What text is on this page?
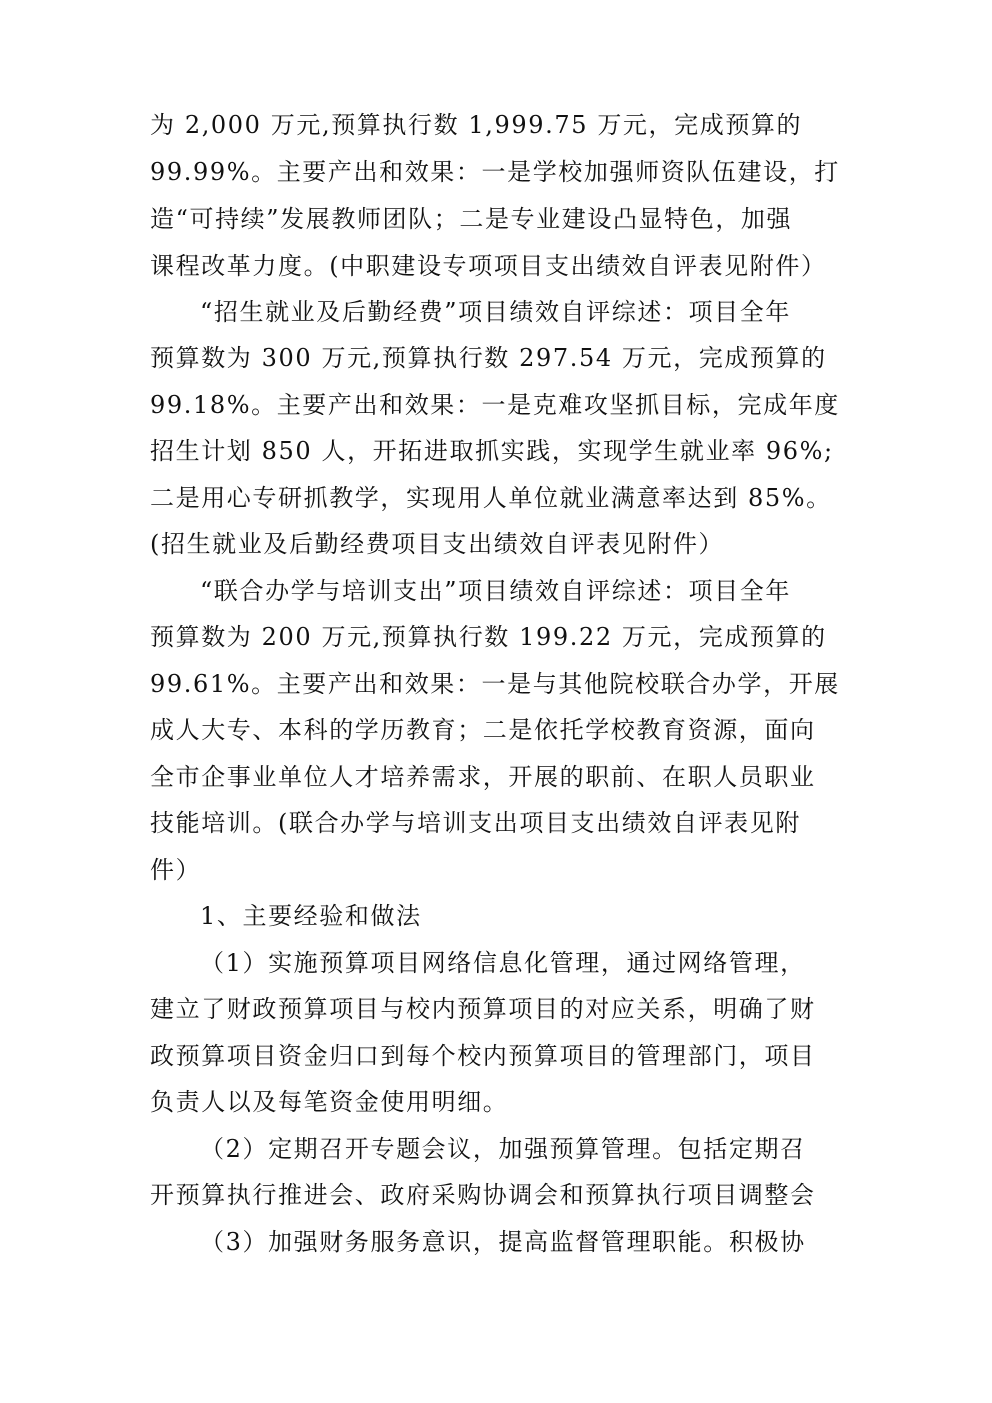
为 2,000 万元,预算执行数 1,999.75 万元，完成预算的
99.99%。主要产出和效果：一是学校加强师资队伍建设，打
造“可持续”发展教师团队；二是专业建设凸显特色，加强
课程改革力度。(中职建设专项项目支出绩效自评表见附件）
“招生就业及后勤经费”项目绩效自评综述：项目全年
预算数为 300 万元,预算执行数 297.54 万元，完成预算的
99.18%。主要产出和效果：一是克难攻坚抓目标，完成年度
招生计划 850 人，开拓进取抓实践，实现学生就业率 96%;
二是用心专研抓教学，实现用人单位就业满意率达到 85%。
(招生就业及后勤经费项目支出绩效自评表见附件）
“联合办学与培训支出”项目绩效自评综述：项目全年
预算数为 200 万元,预算执行数 199.22 万元，完成预算的
99.61%。主要产出和效果：一是与其他院校联合办学，开展
成人大专、本科的学历教育；二是依托学校教育资源，面向
全市企事业单位人才培养需求，开展的职前、在职人员职业
技能培训。(联合办学与培训支出项目支出绩效自评表见附
件）
1、主要经验和做法
（1）实施预算项目网络信息化管理，通过网络管理，
建立了财政预算项目与校内预算项目的对应关系，明确了财
政预算项目资金归口到每个校内预算项目的管理部门，项目
负责人以及每笔资金使用明细。
（2）定期召开专题会议，加强预算管理。包括定期召
开预算执行推进会、政府采购协调会和预算执行项目调整会
（3）加强财务服务意识，提高监督管理职能。积极协
